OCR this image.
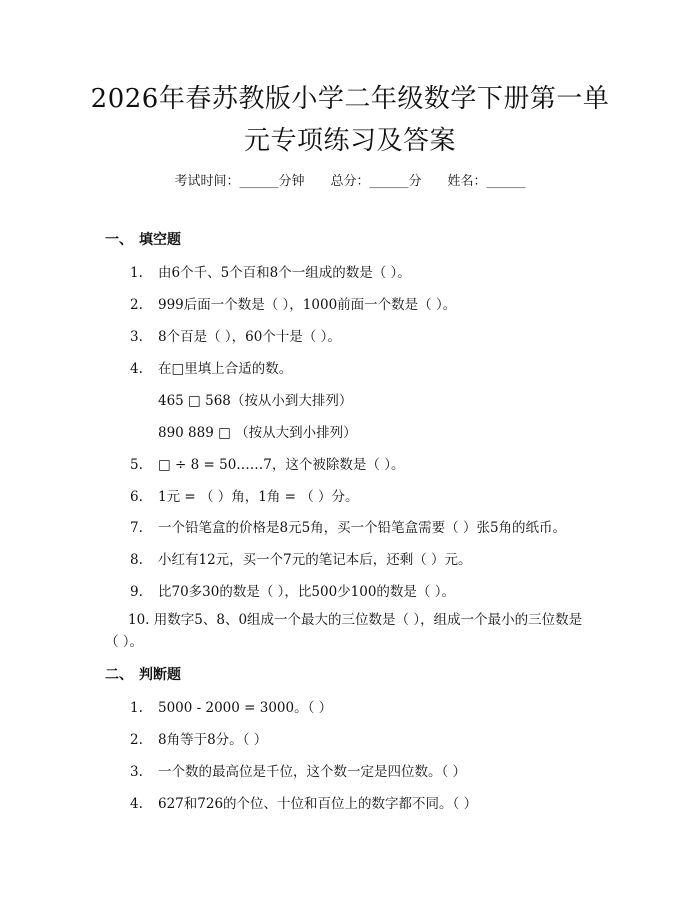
2026年春苏教版小学二年级数学下册第一单
元专项练习及答案
考试时间：______分钟 总分：______分 姓名：______
一、 填空题
1. 由6个千、5个百和8个一组成的数是（ ）。
2. 999后面一个数是（ ），1000前面一个数是（ ）。
3. 8个百是（ ），60个十是（ ）。
4. 在□里填上合适的数。
465 □ 568（按从小到大排列）
890 889 □ （按从大到小排列）
5. □ ÷ 8 = 50……7，这个被除数是（ ）。
6. 1元 = （ ）角，1角 = （ ）分。
7. 一个铅笔盒的价格是8元5角，买一个铅笔盒需要（ ）张5角的纸币。
8. 小红有12元，买一个7元的笔记本后，还剩（ ）元。
9. 比70多30的数是（ ），比500少100的数是（ ）。
10. 用数字5、8、0组成一个最大的三位数是（ ），组成一个最小的三位数是（ ）。
二、 判断题
1. 5000 - 2000 = 3000。（ ）
2. 8角等于8分。（ ）
3. 一个数的最高位是千位，这个数一定是四位数。（ ）
4. 627和726的个位、十位和百位上的数字都不同。（ ）
